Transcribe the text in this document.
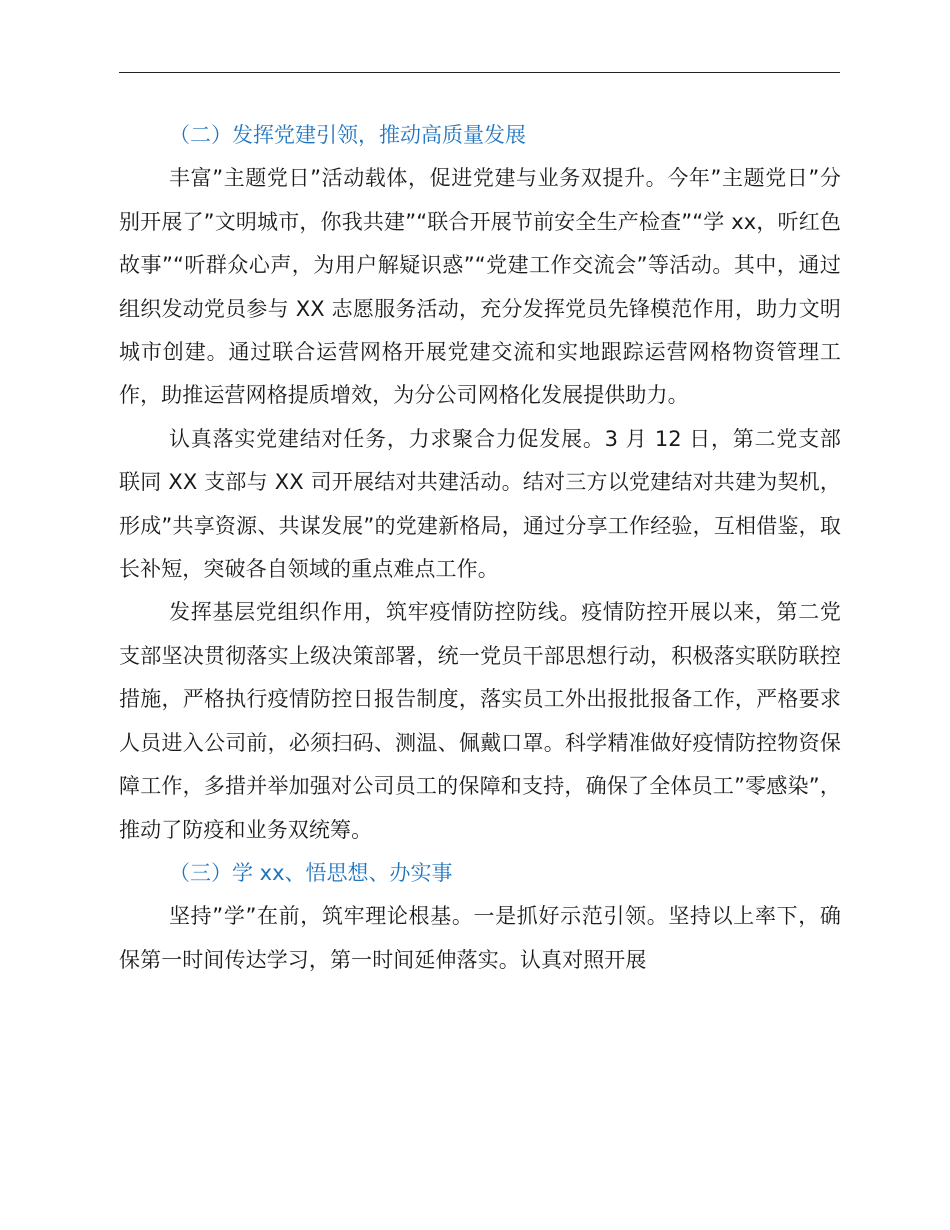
（二）发挥党建引领，推动高质量发展

丰富”主题党日”活动载体，促进党建与业务双提升。今年”主题党日”分别开展了”文明城市，你我共建”“联合开展节前安全生产检查”“学 xx，听红色故事”“听群众心声，为用户解疑识惑”“党建工作交流会”等活动。其中，通过组织发动党员参与 XX 志愿服务活动，充分发挥党员先锋模范作用，助力文明城市创建。通过联合运营网格开展党建交流和实地跟踪运营网格物资管理工作，助推运营网格提质增效，为分公司网格化发展提供助力。

认真落实党建结对任务，力求聚合力促发展。3 月 12 日，第二党支部联同 XX 支部与 XX 司开展结对共建活动。结对三方以党建结对共建为契机，形成”共享资源、共谋发展”的党建新格局，通过分享工作经验，互相借鉴，取长补短，突破各自领域的重点难点工作。

发挥基层党组织作用，筑牢疫情防控防线。疫情防控开展以来，第二党支部坚决贯彻落实上级决策部署，统一党员干部思想行动，积极落实联防联控措施，严格执行疫情防控日报告制度，落实员工外出报批报备工作，严格要求人员进入公司前，必须扫码、测温、佩戴口罩。科学精准做好疫情防控物资保障工作，多措并举加强对公司员工的保障和支持，确保了全体员工”零感染”，推动了防疫和业务双统筹。

（三）学 xx、悟思想、办实事

坚持”学”在前，筑牢理论根基。一是抓好示范引领。坚持以上率下，确保第一时间传达学习，第一时间延伸落实。认真对照开展
